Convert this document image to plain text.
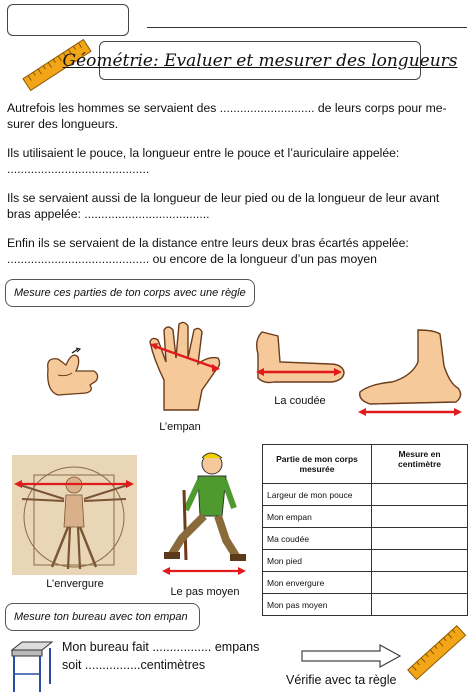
Géométrie: Evaluer et mesurer des longueurs
Autrefois les hommes se servaient des ............................ de leurs corps pour me-
surer des longueurs.
Ils utilisaient le pouce, la longueur entre le pouce et l’auriculaire appelée:
..........................................
Ils se servaient aussi de la longueur de leur pied ou de la longueur de leur avant
bras appelée: .....................................
Enfin ils se servaient de la distance entre leurs deux bras écartés appelée:
.......................................... ou encore de la longueur d’un pas moyen
Mesure ces parties de ton corps avec une règle
L’empan
La coudée
L’envergure
Le pas moyen
Partie de mon corps mesurée	Mesure en centimètre
Largeur de mon pouce	
Mon empan	
Ma coudée	
Mon pied	
Mon envergure	
Mon pas moyen	
Mesure ton bureau avec ton empan
Mon bureau fait ................. empans
soit ................centimètres
Vérifie avec ta règle
